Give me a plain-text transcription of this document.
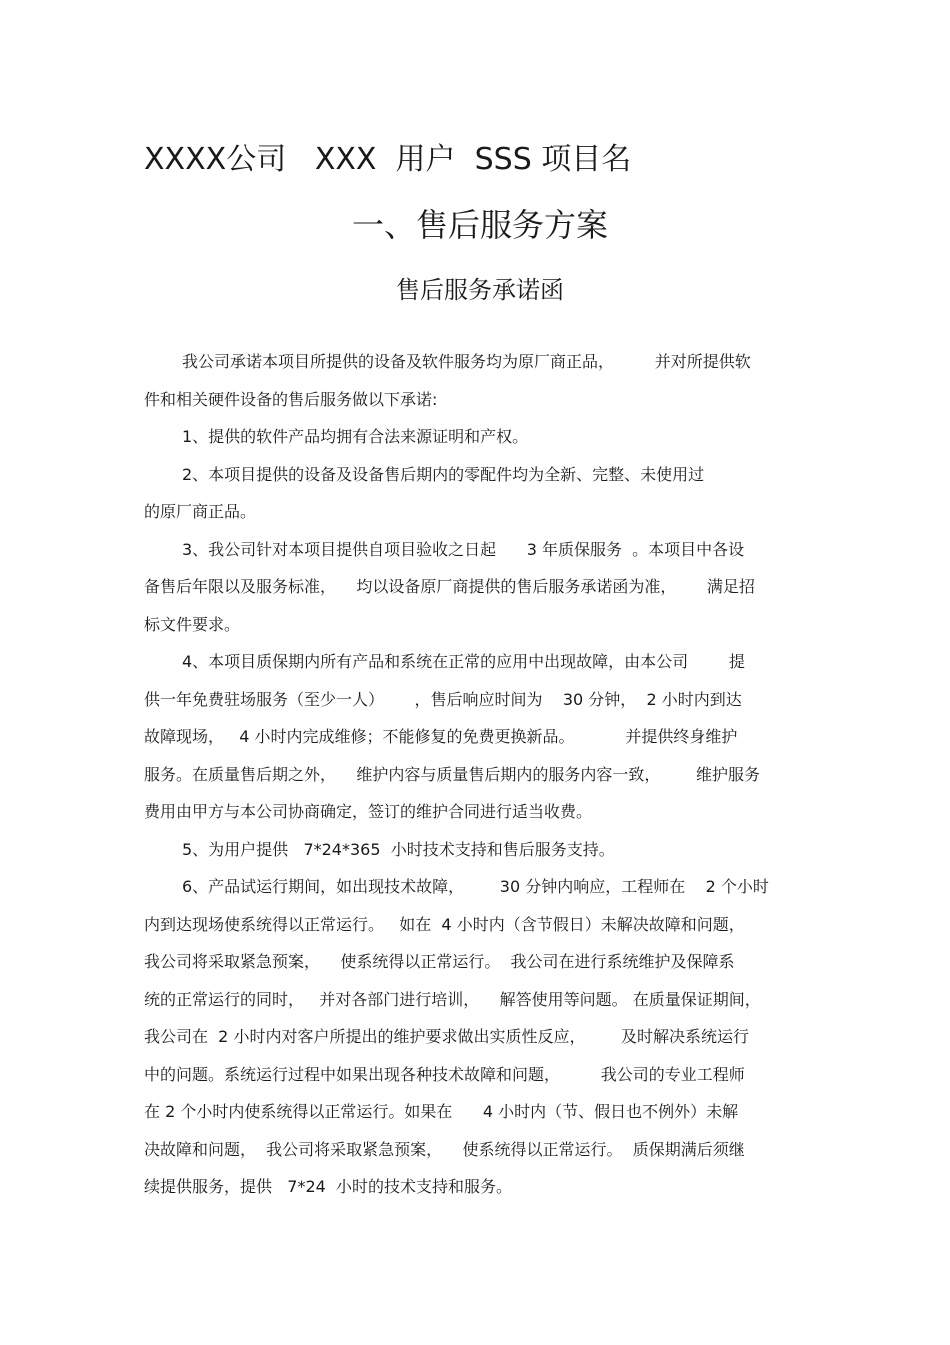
XXXX公司   XXX  用户  SSS 项目名
一、售后服务方案
售后服务承诺函
我公司承诺本项目所提供的设备及软件服务均为原厂商正品，        并对所提供软
件和相关硬件设备的售后服务做以下承诺:
1、提供的软件产品均拥有合法来源证明和产权。
2、本项目提供的设备及设备售后期内的零配件均为全新、完整、未使用过
的原厂商正品。
3、我公司针对本项目提供自项目验收之日起      3 年质保服务  。本项目中各设
备售后年限以及服务标准，    均以设备原厂商提供的售后服务承诺函为准，      满足招
标文件要求。
4、本项目质保期内所有产品和系统在正常的应用中出现故障，由本公司        提
供一年免费驻场服务（至少一人）      ，售后响应时间为    30 分钟，  2 小时内到达
故障现场，   4 小时内完成维修；不能修复的免费更换新品。          并提供终身维护
服务。在质量售后期之外，    维护内容与质量售后期内的服务内容一致，       维护服务
费用由甲方与本公司协商确定，签订的维护合同进行适当收费。
5、为用户提供   7*24*365  小时技术支持和售后服务支持。
6、产品试运行期间，如出现技术故障，       30 分钟内响应，工程师在    2 个小时
内到达现场使系统得以正常运行。   如在  4 小时内（含节假日）未解决故障和问题，
我公司将采取紧急预案，    使系统得以正常运行。  我公司在进行系统维护及保障系
统的正常运行的同时，   并对各部门进行培训，    解答使用等问题。 在质量保证期间，
我公司在  2 小时内对客户所提出的维护要求做出实质性反应，       及时解决系统运行
中的问题。系统运行过程中如果出现各种技术故障和问题，        我公司的专业工程师
在 2 个小时内使系统得以正常运行。如果在      4 小时内（节、假日也不例外）未解
决故障和问题，  我公司将采取紧急预案，    使系统得以正常运行。  质保期满后须继
续提供服务，提供   7*24  小时的技术支持和服务。
